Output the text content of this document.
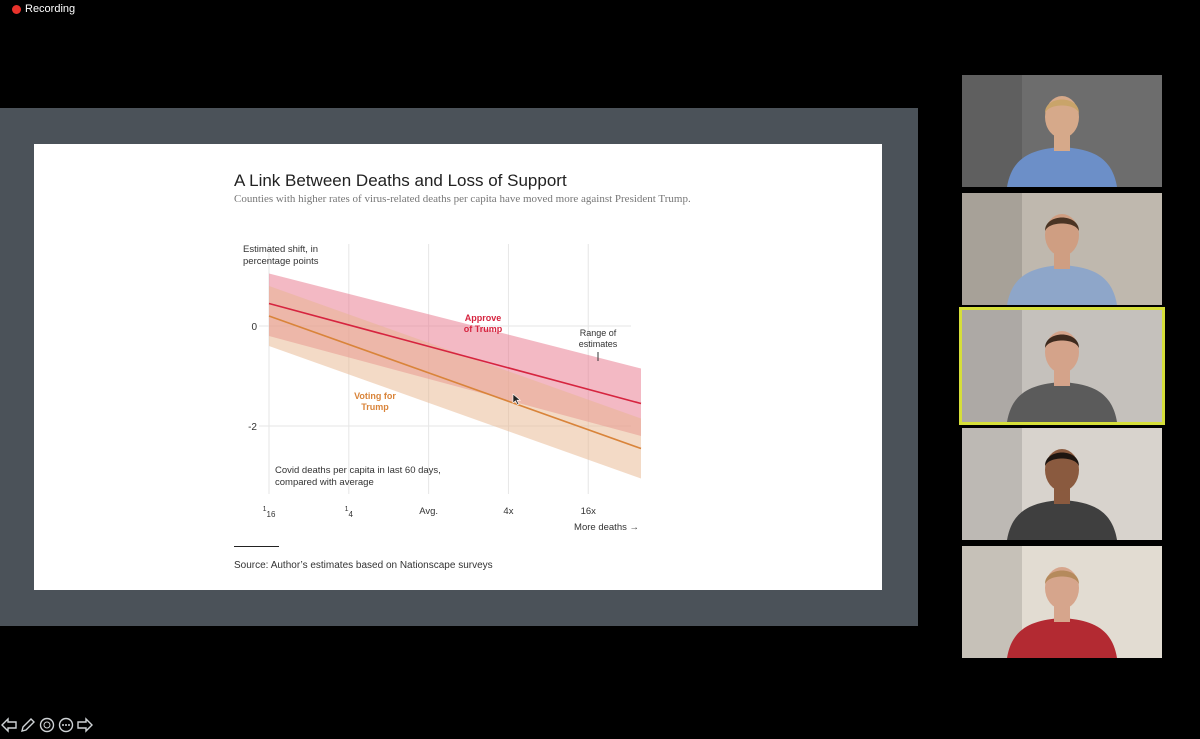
Recording
A Link Between Deaths and Loss of Support
Counties with higher rates of virus-related deaths per capita have moved more against President Trump.
0
-2
Estimated shift, in
percentage points
Approve
of Trump
Voting for
Trump
Range of
estimates
Covid deaths per capita in last 60 days,
compared with average
$^1_{16}$
$^1_4$	Avg.	4x	16x
More deaths →
Source: Author’s estimates based on Nationscape surveys
